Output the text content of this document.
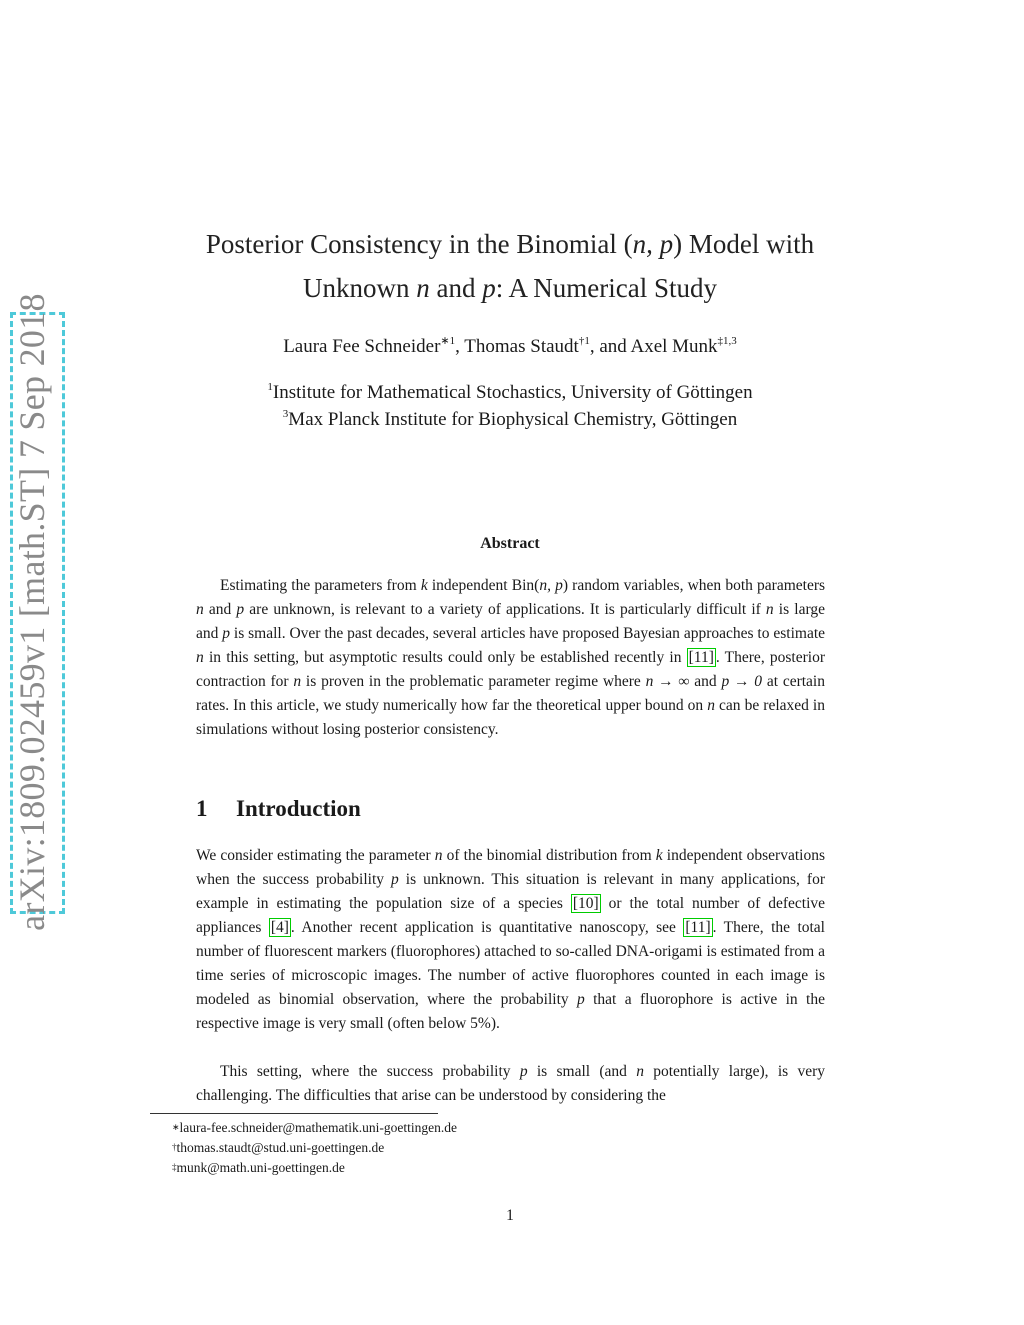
arXiv:1809.02459v1 [math.ST] 7 Sep 2018
Posterior Consistency in the Binomial (n, p) Model with
Unknown n and p: A Numerical Study
Laura Fee Schneider$^{∗1}$, Thomas Staudt$^{\dagger 1}$, and Axel Munk$^{\ddagger 1,3}$
$^1$Institute for Mathematical Stochastics, University of Göttingen
$^3$Max Planck Institute for Biophysical Chemistry, Göttingen
Abstract
Estimating the parameters from k independent Bin(n, p) random variables, when both parameters n and p are unknown, is relevant to a variety of applications. It is particularly difficult if n is large and p is small. Over the past decades, several articles have proposed Bayesian approaches to estimate n in this setting, but asymptotic results could only be established recently in [11] . There, posterior contraction for n is proven in the problematic parameter regime where n → ∞ and p → 0 at certain rates. In this article, we study numerically how far the theoretical upper bound on n can be relaxed in simulations without losing posterior consistency.
1 Introduction

We consider estimating the parameter n of the binomial distribution from k independent observations when the success probability p is unknown. This situation is relevant in many applications, for example in estimating the population size of a species [10] or the total number of defective appliances [4] . Another recent application is quantitative nanoscopy, see [11] . There, the total number of fluorescent markers (fluorophores) attached to so-called DNA-origami is estimated from a time series of microscopic images. The number of active fluorophores counted in each image is modeled as binomial observation, where the probability p that a fluorophore is active in the respective image is very small (often below 5%).

This setting, where the success probability p is small (and n potentially large), is very challenging. The difficulties that arise can be understood by considering the

∗laura-fee.schneider@mathematik.uni-goettingen.de
†thomas.staudt@stud.uni-goettingen.de
‡munk@math.uni-goettingen.de
1
